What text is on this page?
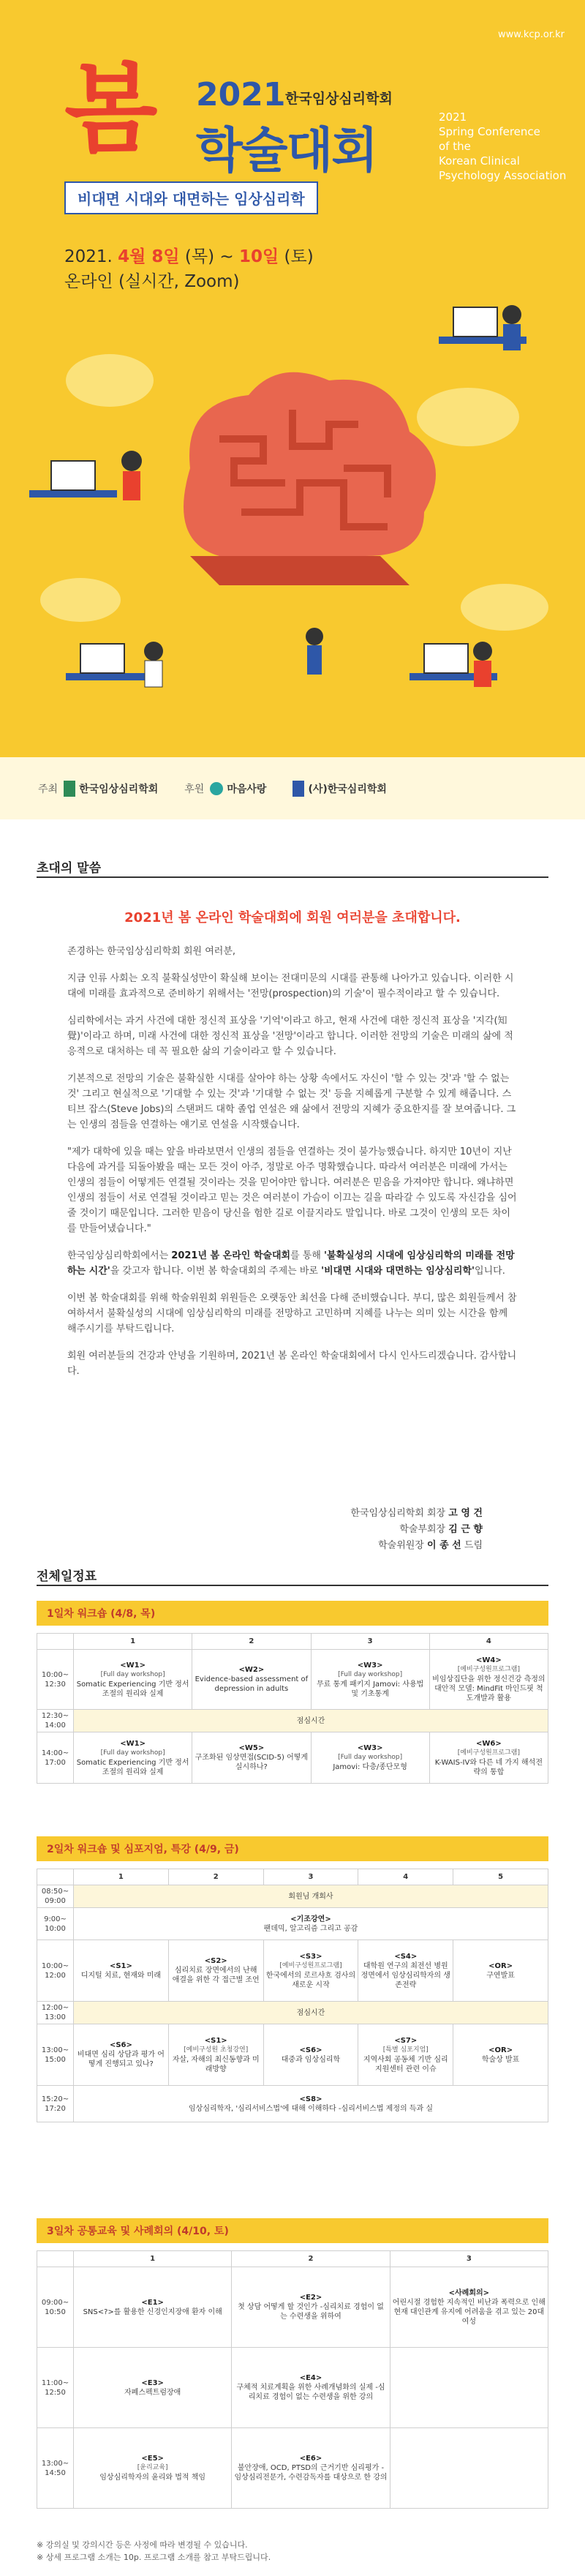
www.kcp.or.kr
봄 2021 한국임상심리학회
학술대회
2021
Spring Conference
of the
Korean Clinical
Psychology Association
비대면 시대와 대면하는 임상심리학
2021. 4월 8일 (목) ~ 10일 (토)
온라인 (실시간, Zoom)
주최 한국임상심리학회	후원 마음사랑	(사)한국심리학회
초대의 말씀
2021년 봄 온라인 학술대회에 회원 여러분을 초대합니다.

존경하는 한국임상심리학회 회원 여러분,

지금 인류 사회는 오직 불확실성만이 확실해 보이는 전대미문의 시대를 관통해 나아가고 있습니다. 이러한 시대에 미래를 효과적으로 준비하기 위해서는 '전망(prospection)의 기술'이 필수적이라고 할 수 있습니다.

심리학에서는 과거 사건에 대한 정신적 표상을 '기억'이라고 하고, 현재 사건에 대한 정신적 표상을 '지각(知覺)'이라고 하며, 미래 사건에 대한 정신적 표상을 '전망'이라고 합니다. 이러한 전망의 기술은 미래의 삶에 적응적으로 대처하는 데 꼭 필요한 삶의 기술이라고 할 수 있습니다.

기본적으로 전망의 기술은 불확실한 시대를 살아야 하는 상황 속에서도 자신이 '할 수 있는 것'과 '할 수 없는 것' 그리고 현실적으로 '기대할 수 있는 것'과 '기대할 수 없는 것' 등을 지혜롭게 구분할 수 있게 해줍니다. 스티브 잡스(Steve Jobs)의 스탠퍼드 대학 졸업 연설은 왜 삶에서 전망의 지혜가 중요한지를 잘 보여줍니다. 그는 인생의 점들을 연결하는 얘기로 연설을 시작했습니다.

"제가 대학에 있을 때는 앞을 바라보면서 인생의 점들을 연결하는 것이 불가능했습니다. 하지만 10년이 지난 다음에 과거를 되돌아봤을 때는 모든 것이 아주, 정말로 아주 명확했습니다. 따라서 여러분은 미래에 가서는 인생의 점들이 어떻게든 연결될 것이라는 것을 믿어야만 합니다. 여러분은 믿음을 가져야만 합니다. 왜냐하면 인생의 점들이 서로 연결될 것이라고 믿는 것은 여러분이 가슴이 이끄는 길을 따라갈 수 있도록 자신감을 심어줄 것이기 때문입니다. 그러한 믿음이 당신을 험한 길로 이끌지라도 말입니다. 바로 그것이 인생의 모든 차이를 만들어냈습니다."

한국임상심리학회에서는 2021년 봄 온라인 학술대회를 통해 '불확실성의 시대에 임상심리학의 미래를 전망하는 시간'을 갖고자 합니다. 이번 봄 학술대회의 주제는 바로 '비대면 시대와 대면하는 임상심리학'입니다.

이번 봄 학술대회를 위해 학술위원회 위원들은 오랫동안 최선을 다해 준비했습니다. 부디, 많은 회원들께서 참여하셔서 불확실성의 시대에 임상심리학의 미래를 전망하고 고민하며 지혜를 나누는 의미 있는 시간을 함께 해주시기를 부탁드립니다.

회원 여러분들의 건강과 안녕을 기원하며, 2021년 봄 온라인 학술대회에서 다시 인사드리겠습니다. 감사합니다.

한국임상심리학회 회장 고 영 건
학술부회장 김 근 향
학술위원장 이 종 선 드림
전체일정표
1일차 워크숍 (4/8, 목)
	1	2	3	4
10:00~ 12:30	<W1>
[Full day workshop]
Somatic Experiencing 기반 정서조절의 원리와 실제	<W2>
Evidence-based assessment of depression in adults	<W3>
[Full day workshop]
무료 통계 패키지 Jamovi: 사용법 및 기초통계	<W4>
[예비구성원프로그램]
비임상집단을 위한 정신건강 측정의 대안적 모델: MindFit 마인드핏 척도개발과 활용
12:30~ 14:00	점심시간			
14:00~ 17:00	<W1>
[Full day workshop]
Somatic Experiencing 기반 정서조절의 원리와 실제	<W5>
구조화된 임상면접(SCID-5) 어떻게 실시하나?	<W3>
[Full day workshop]
Jamovi: 다층/종단모형	<W6>
[예비구성원프로그램]
K-WAIS-IV와 다른 네 가지 해석전략의 통합
2일차 워크숍 및 심포지엄, 특강 (4/9, 금)
	1	2	3	4	5
08:50~ 09:00	회원님 개회사				
9:00~ 10:00	<기조강연>
팬데믹, 알고리즘 그리고 공감				
10:00~ 12:00	<S1>
디지털 치료, 현재와 미래	<S2>
심리치료 장면에서의 난해 애결을 위한 각 접근별 조언	<S3>
[예비구성원프로그램]
한국에서의 로르샤흐 검사의 새로운 시작	<S4>
대학원 연구의 최전선 병원정면에서 임상심리학자의 생존전략	<OR>
구연발표
12:00~ 13:00	점심시간				
13:00~ 15:00	<S6>
비대면 심리 상담과 평가 어떻게 진행되고 있나?	<S1>
[예비구성원 초청강연]
자살, 자해의 최신동향과 미래방향	<S6>
대중과 임상심리학	<S7>
[특별 심포지엄]
지역사회 공동체 기반 심리지원센터 관련 이슈	<OR>
학술상 발표
15:20~ 17:20	<S8>
임상심리학자, '심리서비스법'에 대해 이해하다 -심리서비스법 제정의 득과 실				
3일차 공통교육 및 사례회의 (4/10, 토)
	1	2	3
09:00~ 10:50	<E1>
SNS<?>를 활용한 신경인지장애 환자 이해	<E2>
첫 상담 어떻게 할 것인가 -심리치료 경험이 없는 수련생을 위하여	<사례회의>
어린시절 경험한 지속적인 비난과 폭력으로 인해 현재 대인관계 유지에 어려움을 겪고 있는 20대 여성
11:00~ 12:50	<E3>
자폐스펙트럼장애	<E4>
구체적 치료계획을 위한 사례개념화의 실제 -심리치료 경험이 없는 수련생을 위한 강의	
13:00~ 14:50	<E5>
[윤리교육]
임상심리학자의 윤리와 법적 책임	<E6>
불안장애, OCD, PTSD의 근거기반 심리평가 - 임상심리전문가, 수련감독자를 대상으로 한 강의	
※ 강의실 및 강의시간 등은 사정에 따라 변경될 수 있습니다.
※ 상세 프로그램 소개는 10p. 프로그램 소개를 참고 부탁드립니다.
